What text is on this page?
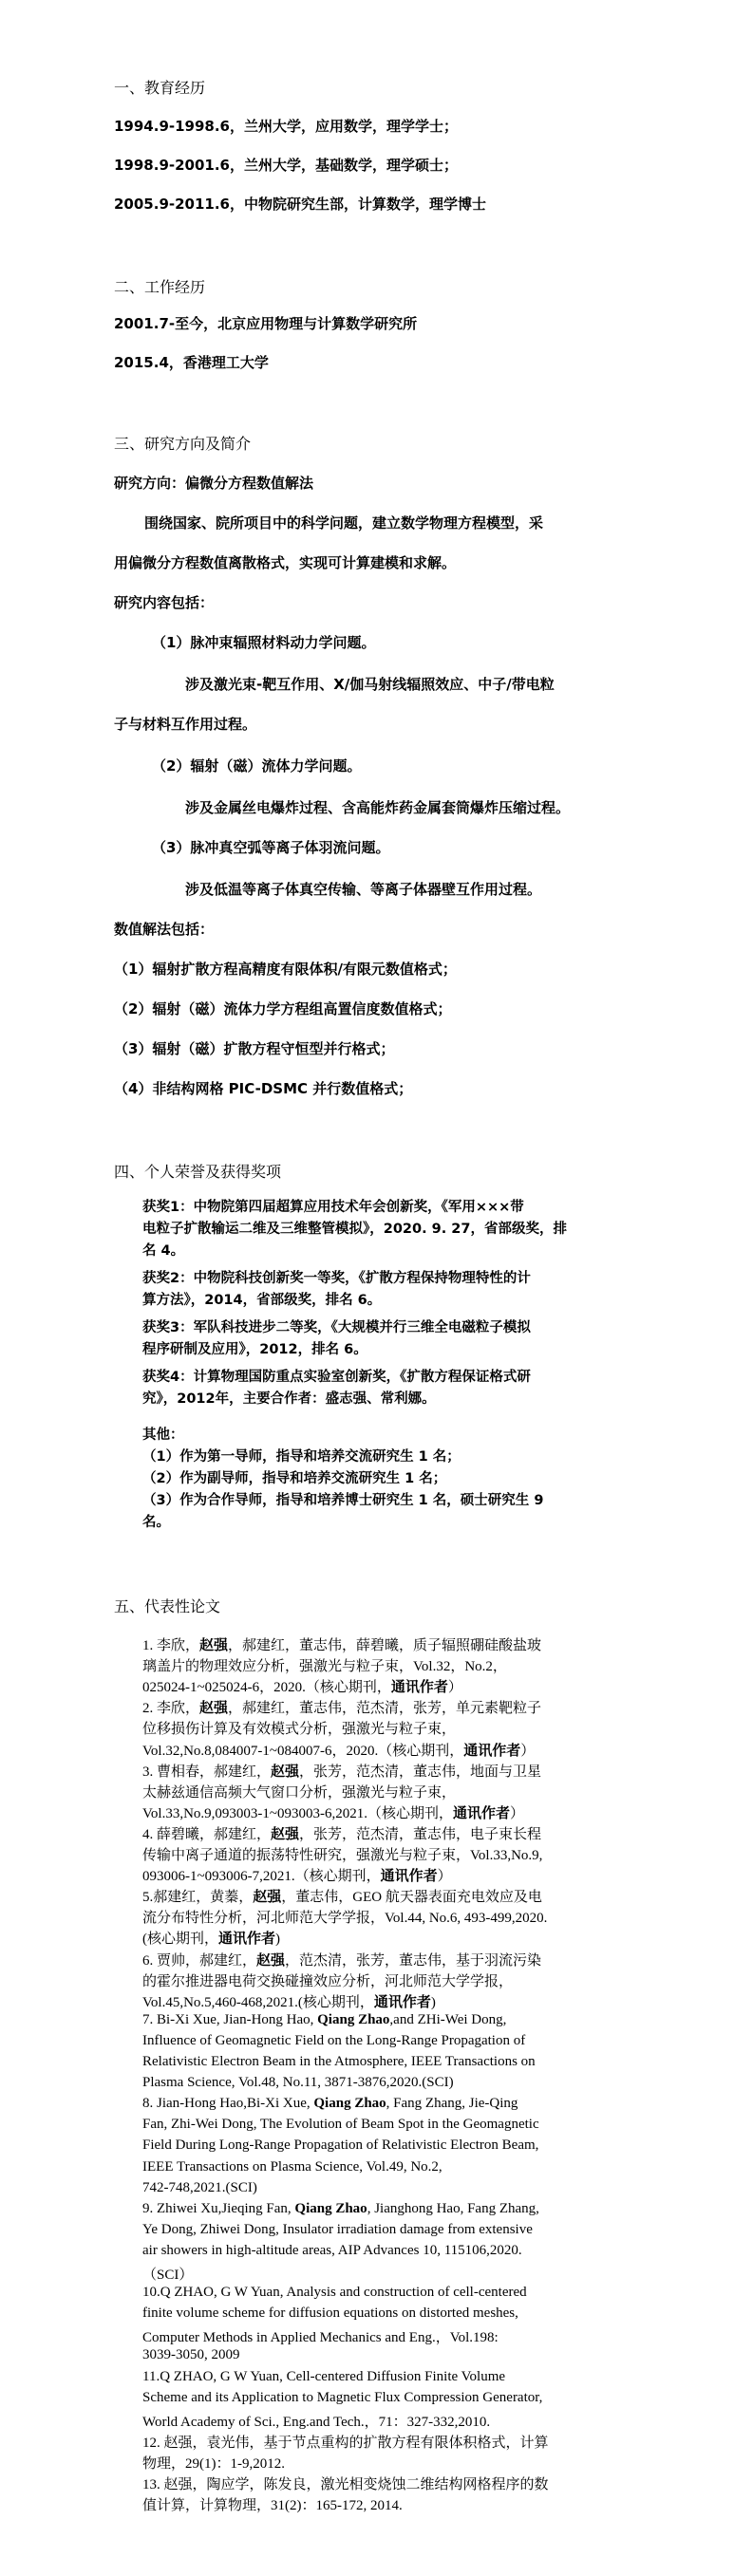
一、教育经历
1994.9-1998.6，兰州大学，应用数学，理学学士；
1998.9-2001.6，兰州大学，基础数学，理学硕士；
2005.9-2011.6，中物院研究生部，计算数学，理学博士
二、工作经历
2001.7-至今，北京应用物理与计算数学研究所
2015.4，香港理工大学
三、研究方向及简介
研究方向：偏微分方程数值解法
围绕国家、院所项目中的科学问题，建立数学物理方程模型，采
用偏微分方程数值离散格式，实现可计算建模和求解。
研究内容包括：
（1）脉冲束辐照材料动力学问题。
涉及激光束-靶互作用、X/伽马射线辐照效应、中子/带电粒
子与材料互作用过程。
（2）辐射（磁）流体力学问题。
涉及金属丝电爆炸过程、含高能炸药金属套筒爆炸压缩过程。
（3）脉冲真空弧等离子体羽流问题。
涉及低温等离子体真空传输、等离子体器壁互作用过程。
数值解法包括：
（1）辐射扩散方程高精度有限体积/有限元数值格式；
（2）辐射（磁）流体力学方程组高置信度数值格式；
（3）辐射（磁）扩散方程守恒型并行格式；
（4）非结构网格 PIC-DSMC 并行数值格式；
四、个人荣誉及获得奖项
获奖1：中物院第四届超算应用技术年会创新奖，《军用×××带
电粒子扩散输运二维及三维整管模拟》，2020. 9. 27，省部级奖，排
名 4。
获奖2：中物院科技创新奖一等奖，《扩散方程保持物理特性的计
算方法》，2014，省部级奖，排名 6。
获奖3：军队科技进步二等奖，《大规模并行三维全电磁粒子模拟
程序研制及应用》，2012，排名 6。
获奖4：计算物理国防重点实验室创新奖，《扩散方程保证格式研
究》，2012年，主要合作者：盛志强、常利娜。
其他：
（1）作为第一导师，指导和培养交流研究生 1 名；
（2）作为副导师，指导和培养交流研究生 1 名；
（3）作为合作导师，指导和培养博士研究生 1 名，硕士研究生 9
名。
五、代表性论文
1. 李欣，赵强，郝建红，董志伟，薛碧曦，质子辐照硼硅酸盐玻
璃盖片的物理效应分析，强激光与粒子束，Vol.32，No.2，
025024-1~025024-6，2020.（核心期刊，通讯作者）
2. 李欣，赵强，郝建红，董志伟，范杰清，张芳，单元素靶粒子
位移损伤计算及有效模式分析，强激光与粒子束，
Vol.32,No.8,084007-1~084007-6，2020.（核心期刊，通讯作者）
3. 曹相春，郝建红，赵强，张芳，范杰清，董志伟，地面与卫星
太赫兹通信高频大气窗口分析，强激光与粒子束，
Vol.33,No.9,093003-1~093003-6,2021.（核心期刊，通讯作者）
4. 薛碧曦，郝建红，赵强，张芳，范杰清，董志伟，电子束长程
传输中离子通道的振荡特性研究，强激光与粒子束，Vol.33,No.9,
093006-1~093006-7,2021.（核心期刊，通讯作者）
5.郝建红，黄蓁，赵强，董志伟，GEO 航天器表面充电效应及电
流分布特性分析，河北师范大学学报，Vol.44, No.6, 493-499,2020.
(核心期刊，通讯作者)
6. 贾帅，郝建红，赵强，范杰清，张芳，董志伟，基于羽流污染
的霍尔推进器电荷交换碰撞效应分析，河北师范大学学报，
Vol.45,No.5,460-468,2021.(核心期刊，通讯作者)
7. Bi-Xi Xue, Jian-Hong Hao, Qiang Zhao,and ZHi-Wei Dong,
Influence of Geomagnetic Field on the Long-Range Propagation of
Relativistic Electron Beam in the Atmosphere, IEEE Transactions on
Plasma Science, Vol.48, No.11, 3871-3876,2020.(SCI)
8. Jian-Hong Hao,Bi-Xi Xue, Qiang Zhao, Fang Zhang, Jie-Qing
Fan, Zhi-Wei Dong, The Evolution of Beam Spot in the Geomagnetic
Field During Long-Range Propagation of Relativistic Electron Beam,
IEEE Transactions on Plasma Science, Vol.49, No.2,
742-748,2021.(SCI)
9. Zhiwei Xu,Jieqing Fan, Qiang Zhao, Jianghong Hao, Fang Zhang,
Ye Dong, Zhiwei Dong, Insulator irradiation damage from extensive
air showers in high-altitude areas, AIP Advances 10, 115106,2020.
（SCI）
10.Q ZHAO, G W Yuan, Analysis and construction of cell-centered
finite volume scheme for diffusion equations on distorted meshes,
Computer Methods in Applied Mechanics and Eng.，Vol.198:
3039-3050, 2009
11.Q ZHAO, G W Yuan, Cell-centered Diffusion Finite Volume
Scheme and its Application to Magnetic Flux Compression Generator,
World Academy of Sci., Eng.and Tech.，71：327-332,2010.
12. 赵强，袁光伟，基于节点重构的扩散方程有限体积格式，计算
物理，29(1)：1-9,2012.
13. 赵强，陶应学，陈发良，激光相变烧蚀二维结构网格程序的数
值计算，计算物理，31(2)：165-172, 2014.
